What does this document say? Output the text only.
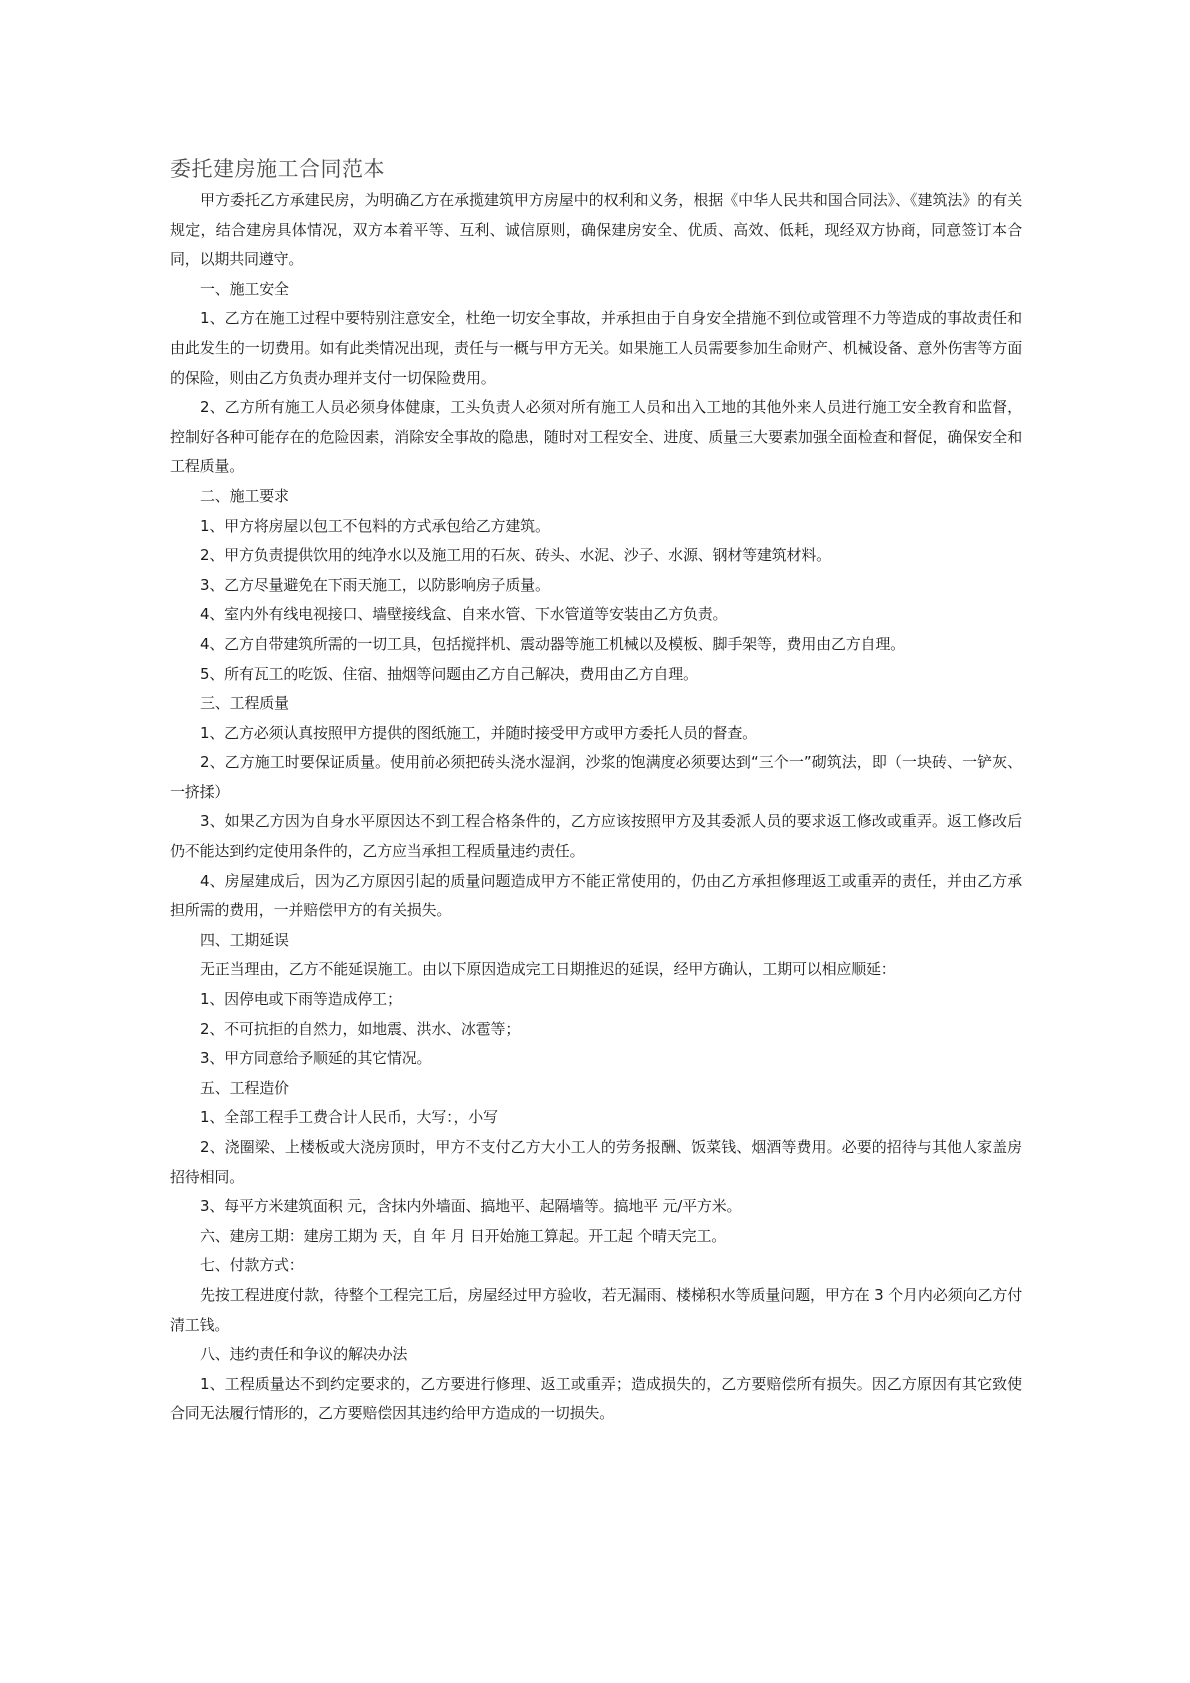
委托建房施工合同范本

甲方委托乙方承建民房，为明确乙方在承揽建筑甲方房屋中的权利和义务，根据《中华人民共和国合同法》、《建筑法》的有关规定，结合建房具体情况，双方本着平等、互利、诚信原则，确保建房安全、优质、高效、低耗，现经双方协商，同意签订本合同，以期共同遵守。

一、施工安全

1、乙方在施工过程中要特别注意安全，杜绝一切安全事故，并承担由于自身安全措施不到位或管理不力等造成的事故责任和由此发生的一切费用。如有此类情况出现，责任与一概与甲方无关。如果施工人员需要参加生命财产、机械设备、意外伤害等方面的保险，则由乙方负责办理并支付一切保险费用。

2、乙方所有施工人员必须身体健康，工头负责人必须对所有施工人员和出入工地的其他外来人员进行施工安全教育和监督，控制好各种可能存在的危险因素，消除安全事故的隐患，随时对工程安全、进度、质量三大要素加强全面检查和督促，确保安全和工程质量。

二、施工要求

1、甲方将房屋以包工不包料的方式承包给乙方建筑。

2、甲方负责提供饮用的纯净水以及施工用的石灰、砖头、水泥、沙子、水源、钢材等建筑材料。

3、乙方尽量避免在下雨天施工，以防影响房子质量。

4、室内外有线电视接口、墙壁接线盒、自来水管、下水管道等安装由乙方负责。

4、乙方自带建筑所需的一切工具，包括搅拌机、震动器等施工机械以及模板、脚手架等，费用由乙方自理。

5、所有瓦工的吃饭、住宿、抽烟等问题由乙方自己解决，费用由乙方自理。

三、工程质量

1、乙方必须认真按照甲方提供的图纸施工，并随时接受甲方或甲方委托人员的督查。

2、乙方施工时要保证质量。使用前必须把砖头浇水湿润，沙浆的饱满度必须要达到“三个一”砌筑法，即（一块砖、一铲灰、一挤揉）

3、如果乙方因为自身水平原因达不到工程合格条件的，乙方应该按照甲方及其委派人员的要求返工修改或重弄。返工修改后仍不能达到约定使用条件的，乙方应当承担工程质量违约责任。

4、房屋建成后，因为乙方原因引起的质量问题造成甲方不能正常使用的，仍由乙方承担修理返工或重弄的责任，并由乙方承担所需的费用，一并赔偿甲方的有关损失。

四、工期延误

无正当理由，乙方不能延误施工。由以下原因造成完工日期推迟的延误，经甲方确认，工期可以相应顺延：

1、因停电或下雨等造成停工；

2、不可抗拒的自然力，如地震、洪水、冰雹等；

3、甲方同意给予顺延的其它情况。

五、工程造价

1、全部工程手工费合计人民币，大写：，小写

2、浇圈梁、上楼板或大浇房顶时，甲方不支付乙方大小工人的劳务报酬、饭菜钱、烟酒等费用。必要的招待与其他人家盖房招待相同。

3、每平方米建筑面积 元，含抹内外墙面、搞地平、起隔墙等。搞地平 元/平方米。

六、建房工期：建房工期为 天，自 年 月 日开始施工算起。开工起 个晴天完工。

七、付款方式：

先按工程进度付款，待整个工程完工后，房屋经过甲方验收，若无漏雨、楼梯积水等质量问题，甲方在 3 个月内必须向乙方付清工钱。

八、违约责任和争议的解决办法

1、工程质量达不到约定要求的，乙方要进行修理、返工或重弄；造成损失的，乙方要赔偿所有损失。因乙方原因有其它致使合同无法履行情形的，乙方要赔偿因其违约给甲方造成的一切损失。
